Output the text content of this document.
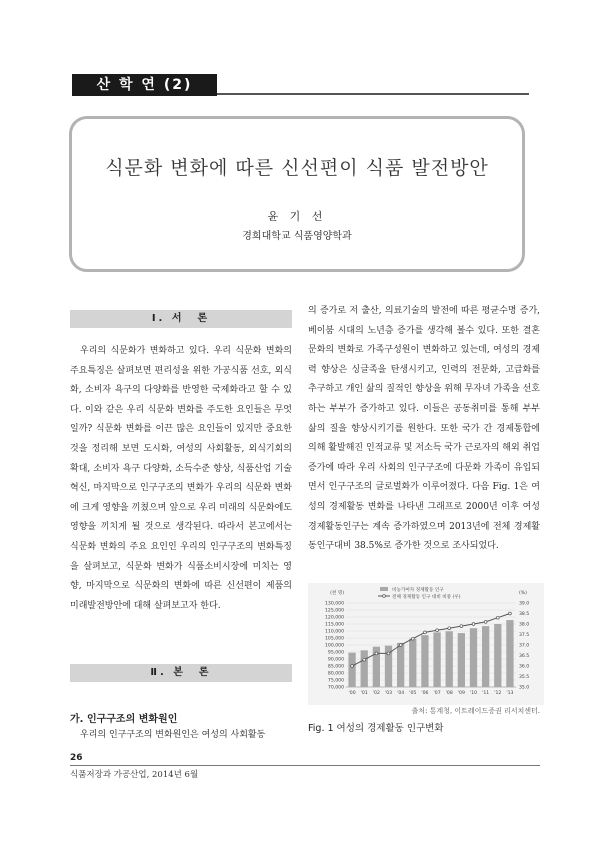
산 학 연 (2)
식문화 변화에 따른 신선편이 식품 발전방안
윤 기 선
경희대학교 식품영양학과
Ⅰ. 서　론

우리의 식문화가 변화하고 있다. 우리 식문화 변화의 주요특징은 살펴보면 편리성을 위한 가공식품 선호, 외식화, 소비자 욕구의 다양화를 반영한 국제화라고 할 수 있다. 이와 같은 우리 식문화 변화를 주도한 요인들은 무엇일까? 식문화 변화를 이끈 많은 요인들이 있지만 중요한 것을 정리해 보면 도시화, 여성의 사회활동, 외식기회의 확대, 소비자 욕구 다양화, 소득수준 향상, 식품산업 기술혁신, 마지막으로 인구구조의 변화가 우리의 식문화 변화에 크게 영향을 끼쳤으며 앞으로 우리 미래의 식문화에도 영향을 끼치게 될 것으로 생각된다. 따라서 본고에서는 식문화 변화의 주요 요인인 우리의 인구구조의 변화특징을 살펴보고, 식문화 변화가 식품소비시장에 미치는 영향, 마지막으로 식문화의 변화에 따른 신선편이 제품의 미래발전방안에 대해 살펴보고자 한다.

Ⅱ. 본　론
가. 인구구조의 변화원인
우리의 인구구조의 변화원인은 여성의 사회활동

의 증가로 저 출산, 의료기술의 발전에 따른 평균수명 증가, 베이붐 시대의 노년층 증가를 생각해 볼수 있다. 또한 결혼문화의 변화로 가족구성원이 변화하고 있는데, 여성의 경제력 향상은 싱글족을 탄생시키고, 인력의 전문화, 고급화를 추구하고 개인 삶의 질적인 향상을 위해 무자녀 가족을 선호하는 부부가 증가하고 있다. 이들은 공동취미를 통해 부부 삶의 질을 향상시키기를 원한다. 또한 국가 간 경제통합에 의해 활발해진 인적교류 및 저소득 국가 근로자의 해외 취업증가에 따라 우리 사회의 인구구조에 다문화 가족이 유입되면서 인구구조의 글로벌화가 이루어졌다. 다음 Fig. 1은 여성의 경제활동 변화를 나타낸 그래프로 2000년 이후 여성경제활동인구는 계속 증가하였으며 2013년에 전체 경제활동인구대비 38.5%로 증가한 것으로 조사되었다.

70,000
75,000
80,000
85,000
90,000
95,000
100,000
105,000
110,000
115,000
120,000
125,000
130,000
35.0
35.5
36.0
36.5
37.0
37.5
38.0
38.5
39.0
(천 명)	(%)
'00 '01 '02 '03 '04 '05 '06 '07 '08 '09 '10 '11 '12 '13
비농가여자 경제활동 인구
전체 경제활동 인구 대비 비중 (우)
출처: 통계청, 이트레이드증권 리서치센터.
Fig. 1 여성의 경제활동 인구변화
26
식품저장과 가공산업, 2014년 6월
